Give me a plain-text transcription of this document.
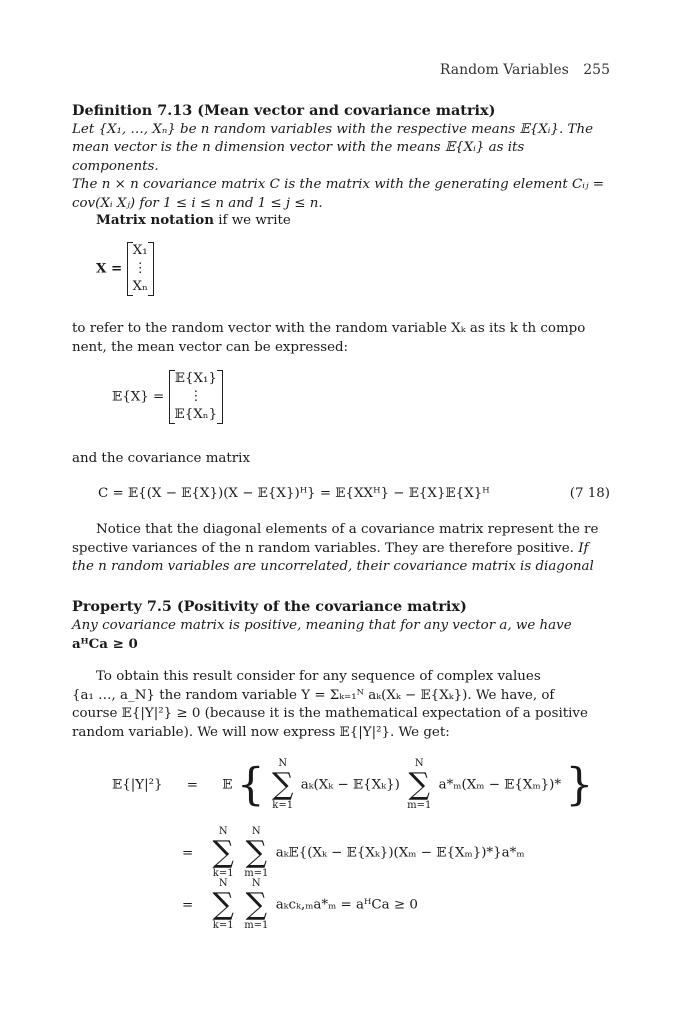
Random Variables 255
Definition 7.13 (Mean vector and covariance matrix)
Let {X₁, …, Xₙ} be n random variables with the respective means 𝔼{Xᵢ}. The
mean vector is the n dimension vector with the means 𝔼{Xᵢ} as its components.
The n × n covariance matrix C is the matrix with the generating element Cᵢⱼ =
cov(Xᵢ Xⱼ) for 1 ≤ i ≤ n and 1 ≤ j ≤ n.
Matrix notation if we write
X =
X₁
⋮
Xₙ
to refer to the random vector with the random variable Xₖ as its k th compo
nent, the mean vector can be expressed:
𝔼{X} =
𝔼{X₁}
⋮
𝔼{Xₙ}
and the covariance matrix
C = 𝔼{(X − 𝔼{X})(X − 𝔼{X})ᴴ} = 𝔼{XXᴴ} − 𝔼{X}𝔼{X}ᴴ	(7 18)
Notice that the diagonal elements of a covariance matrix represent the re
spective variances of the n random variables. They are therefore positive. If
the n random variables are uncorrelated, their covariance matrix is diagonal
Property 7.5 (Positivity of the covariance matrix)
Any covariance matrix is positive, meaning that for any vector a, we have
aᴴCa ≥ 0
To obtain this result consider for any sequence of complex values
{a₁ …, a_N} the random variable Y = Σₖ₌₁ᴺ aₖ(Xₖ − 𝔼{Xₖ}). We have, of
course 𝔼{|Y|²} ≥ 0 (because it is the mathematical expectation of a positive
random variable). We will now express 𝔼{|Y|²}. We get:
𝔼{|Y|²} = 𝔼 {	N
∑
k=1
aₖ(Xₖ − 𝔼{Xₖ})
N
∑
m=1
a*ₘ(Xₘ − 𝔼{Xₘ})* }
=
N
∑
k=1

N
∑
m=1
aₖ𝔼{(Xₖ − 𝔼{Xₖ})(Xₘ − 𝔼{Xₘ})*}a*ₘ
=
N
∑
k=1

N
∑
m=1
aₖcₖ,ₘa*ₘ = aᴴCa ≥ 0
